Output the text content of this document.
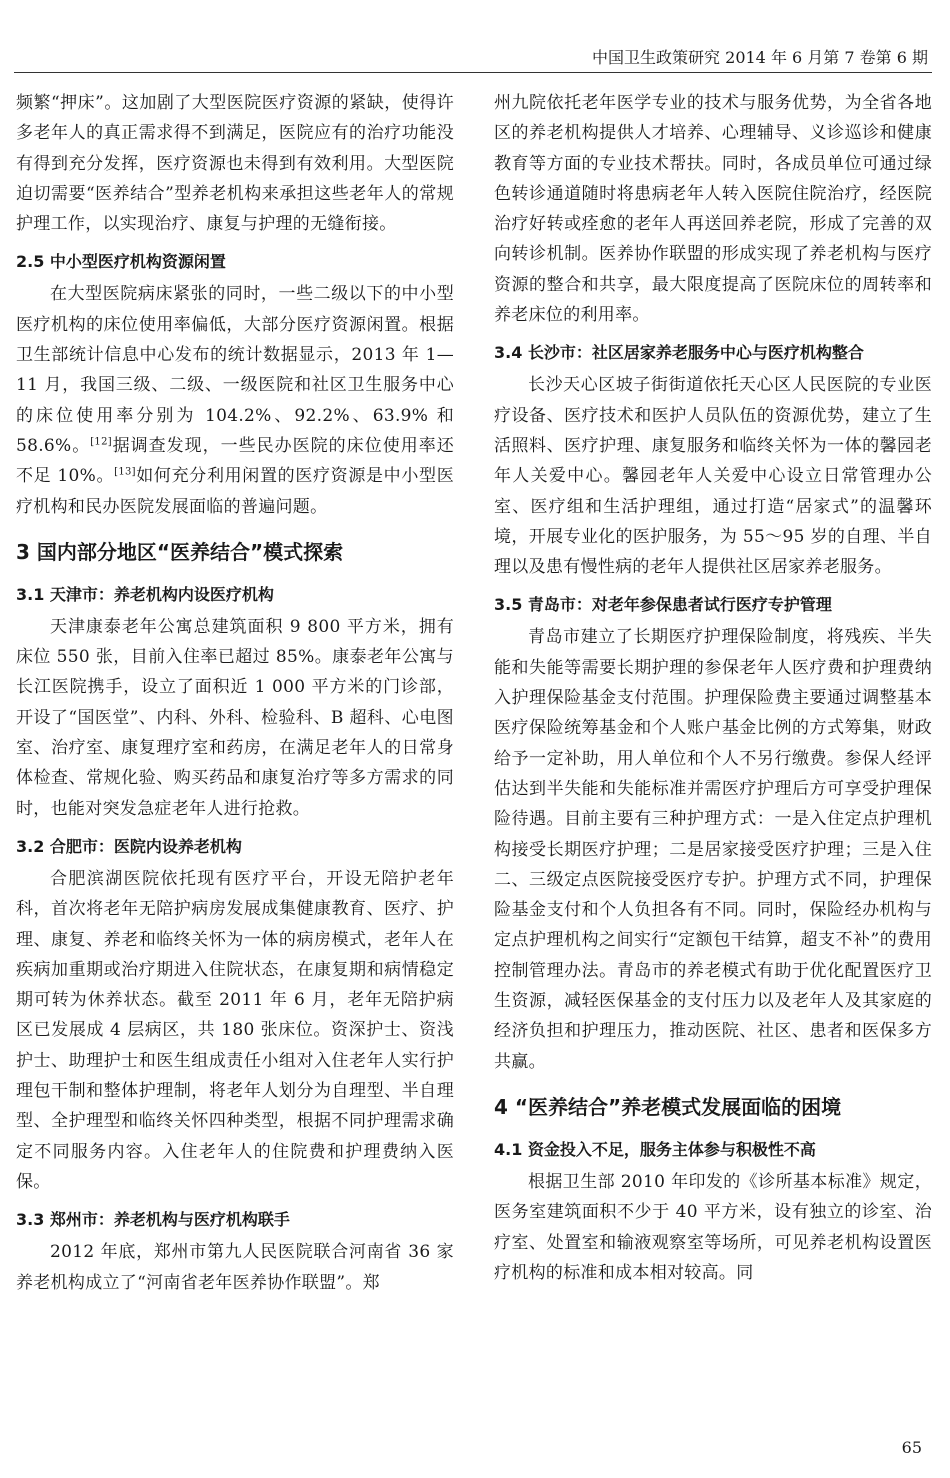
中国卫生政策研究 2014 年 6 月第 7 卷第 6 期

频繁“押床”。这加剧了大型医院医疗资源的紧缺，使得许多老年人的真正需求得不到满足，医院应有的治疗功能没有得到充分发挥，医疗资源也未得到有效利用。大型医院迫切需要“医养结合”型养老机构来承担这些老年人的常规护理工作，以实现治疗、康复与护理的无缝衔接。

2.5 中小型医疗机构资源闲置

在大型医院病床紧张的同时，一些二级以下的中小型医疗机构的床位使用率偏低，大部分医疗资源闲置。根据卫生部统计信息中心发布的统计数据显示，2013 年 1—11 月，我国三级、二级、一级医院和社区卫生服务中心的床位使用率分别为 104.2%、92.2%、63.9% 和 58.6%。[12]据调查发现，一些民办医院的床位使用率还不足 10%。[13]如何充分利用闲置的医疗资源是中小型医疗机构和民办医院发展面临的普遍问题。

3 国内部分地区“医养结合”模式探索
3.1 天津市：养老机构内设医疗机构

天津康泰老年公寓总建筑面积 9 800 平方米，拥有床位 550 张，目前入住率已超过 85%。康泰老年公寓与长江医院携手，设立了面积近 1 000 平方米的门诊部，开设了“国医堂”、内科、外科、检验科、B 超科、心电图室、治疗室、康复理疗室和药房，在满足老年人的日常身体检查、常规化验、购买药品和康复治疗等多方需求的同时，也能对突发急症老年人进行抢救。

3.2 合肥市：医院内设养老机构

合肥滨湖医院依托现有医疗平台，开设无陪护老年科，首次将老年无陪护病房发展成集健康教育、医疗、护理、康复、养老和临终关怀为一体的病房模式，老年人在疾病加重期或治疗期进入住院状态，在康复期和病情稳定期可转为休养状态。截至 2011 年 6 月，老年无陪护病区已发展成 4 层病区，共 180 张床位。资深护士、资浅护士、助理护士和医生组成责任小组对入住老年人实行护理包干制和整体护理制，将老年人划分为自理型、半自理型、全护理型和临终关怀四种类型，根据不同护理需求确定不同服务内容。入住老年人的住院费和护理费纳入医保。

3.3 郑州市：养老机构与医疗机构联手

2012 年底，郑州市第九人民医院联合河南省 36 家养老机构成立了“河南省老年医养协作联盟”。郑

州九院依托老年医学专业的技术与服务优势，为全省各地区的养老机构提供人才培养、心理辅导、义诊巡诊和健康教育等方面的专业技术帮扶。同时，各成员单位可通过绿色转诊通道随时将患病老年人转入医院住院治疗，经医院治疗好转或痊愈的老年人再送回养老院，形成了完善的双向转诊机制。医养协作联盟的形成实现了养老机构与医疗资源的整合和共享，最大限度提高了医院床位的周转率和养老床位的利用率。

3.4 长沙市：社区居家养老服务中心与医疗机构整合

长沙天心区坡子街街道依托天心区人民医院的专业医疗设备、医疗技术和医护人员队伍的资源优势，建立了生活照料、医疗护理、康复服务和临终关怀为一体的馨园老年人关爱中心。馨园老年人关爱中心设立日常管理办公室、医疗组和生活护理组，通过打造“居家式”的温馨环境，开展专业化的医护服务，为 55～95 岁的自理、半自理以及患有慢性病的老年人提供社区居家养老服务。

3.5 青岛市：对老年参保患者试行医疗专护管理

青岛市建立了长期医疗护理保险制度，将残疾、半失能和失能等需要长期护理的参保老年人医疗费和护理费纳入护理保险基金支付范围。护理保险费主要通过调整基本医疗保险统筹基金和个人账户基金比例的方式筹集，财政给予一定补助，用人单位和个人不另行缴费。参保人经评估达到半失能和失能标准并需医疗护理后方可享受护理保险待遇。目前主要有三种护理方式：一是入住定点护理机构接受长期医疗护理；二是居家接受医疗护理；三是入住二、三级定点医院接受医疗专护。护理方式不同，护理保险基金支付和个人负担各有不同。同时，保险经办机构与定点护理机构之间实行“定额包干结算，超支不补”的费用控制管理办法。青岛市的养老模式有助于优化配置医疗卫生资源，减轻医保基金的支付压力以及老年人及其家庭的经济负担和护理压力，推动医院、社区、患者和医保多方共赢。

4 “医养结合”养老模式发展面临的困境
4.1 资金投入不足，服务主体参与积极性不高

根据卫生部 2010 年印发的《诊所基本标准》规定，医务室建筑面积不少于 40 平方米，设有独立的诊室、治疗室、处置室和输液观察室等场所，可见养老机构设置医疗机构的标准和成本相对较高。同

65
